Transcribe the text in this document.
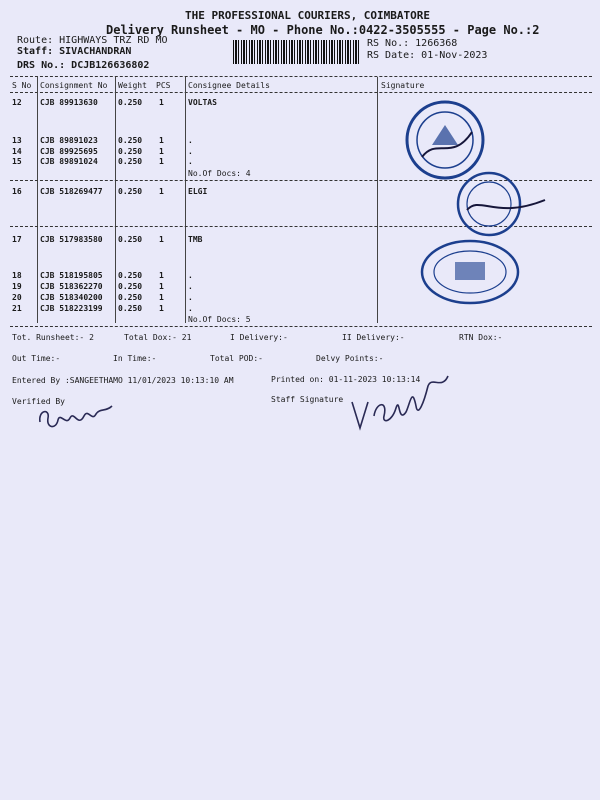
THE PROFESSIONAL COURIERS, COIMBATORE
Delivery Runsheet - MO - Phone No.:0422-3505555 - Page No.:2
Route: HIGHWAYS TRZ RD MO
Staff: SIVACHANDRAN
DRS No.: DCJB126636802
RS No.: 1266368
RS Date: 01-Nov-2023
S No Consignment No Weight PCS Consignee Details	Signature
12 CJB 89913630	0.250 1	VOLTAS
13 CJB 89891023	0.250 1	.
14 CJB 89925695	0.250 1	.
15 CJB 89891024	0.250 1	.
No.Of Docs: 4
16 CJB 518269477 0.250 1	ELGI
17 CJB 517983580 0.250 1	TMB
18 CJB 518195805 0.250 1	.
19 CJB 518362270 0.250 1	.
20 CJB 518340200 0.250 1	.
21 CJB 518223199 0.250 1	.
No.Of Docs: 5
Tot. Runsheet:- 2	Total Dox:- 21	I Delivery:-	II Delivery:-	RTN Dox:-
Out Time:-	In Time:-	Total POD:-	Delvy Points:-
Entered By :SANGEETHAMO 11/01/2023 10:13:10 AM	Printed on: 01-11-2023 10:13:14
Verified By	Staff Signature
